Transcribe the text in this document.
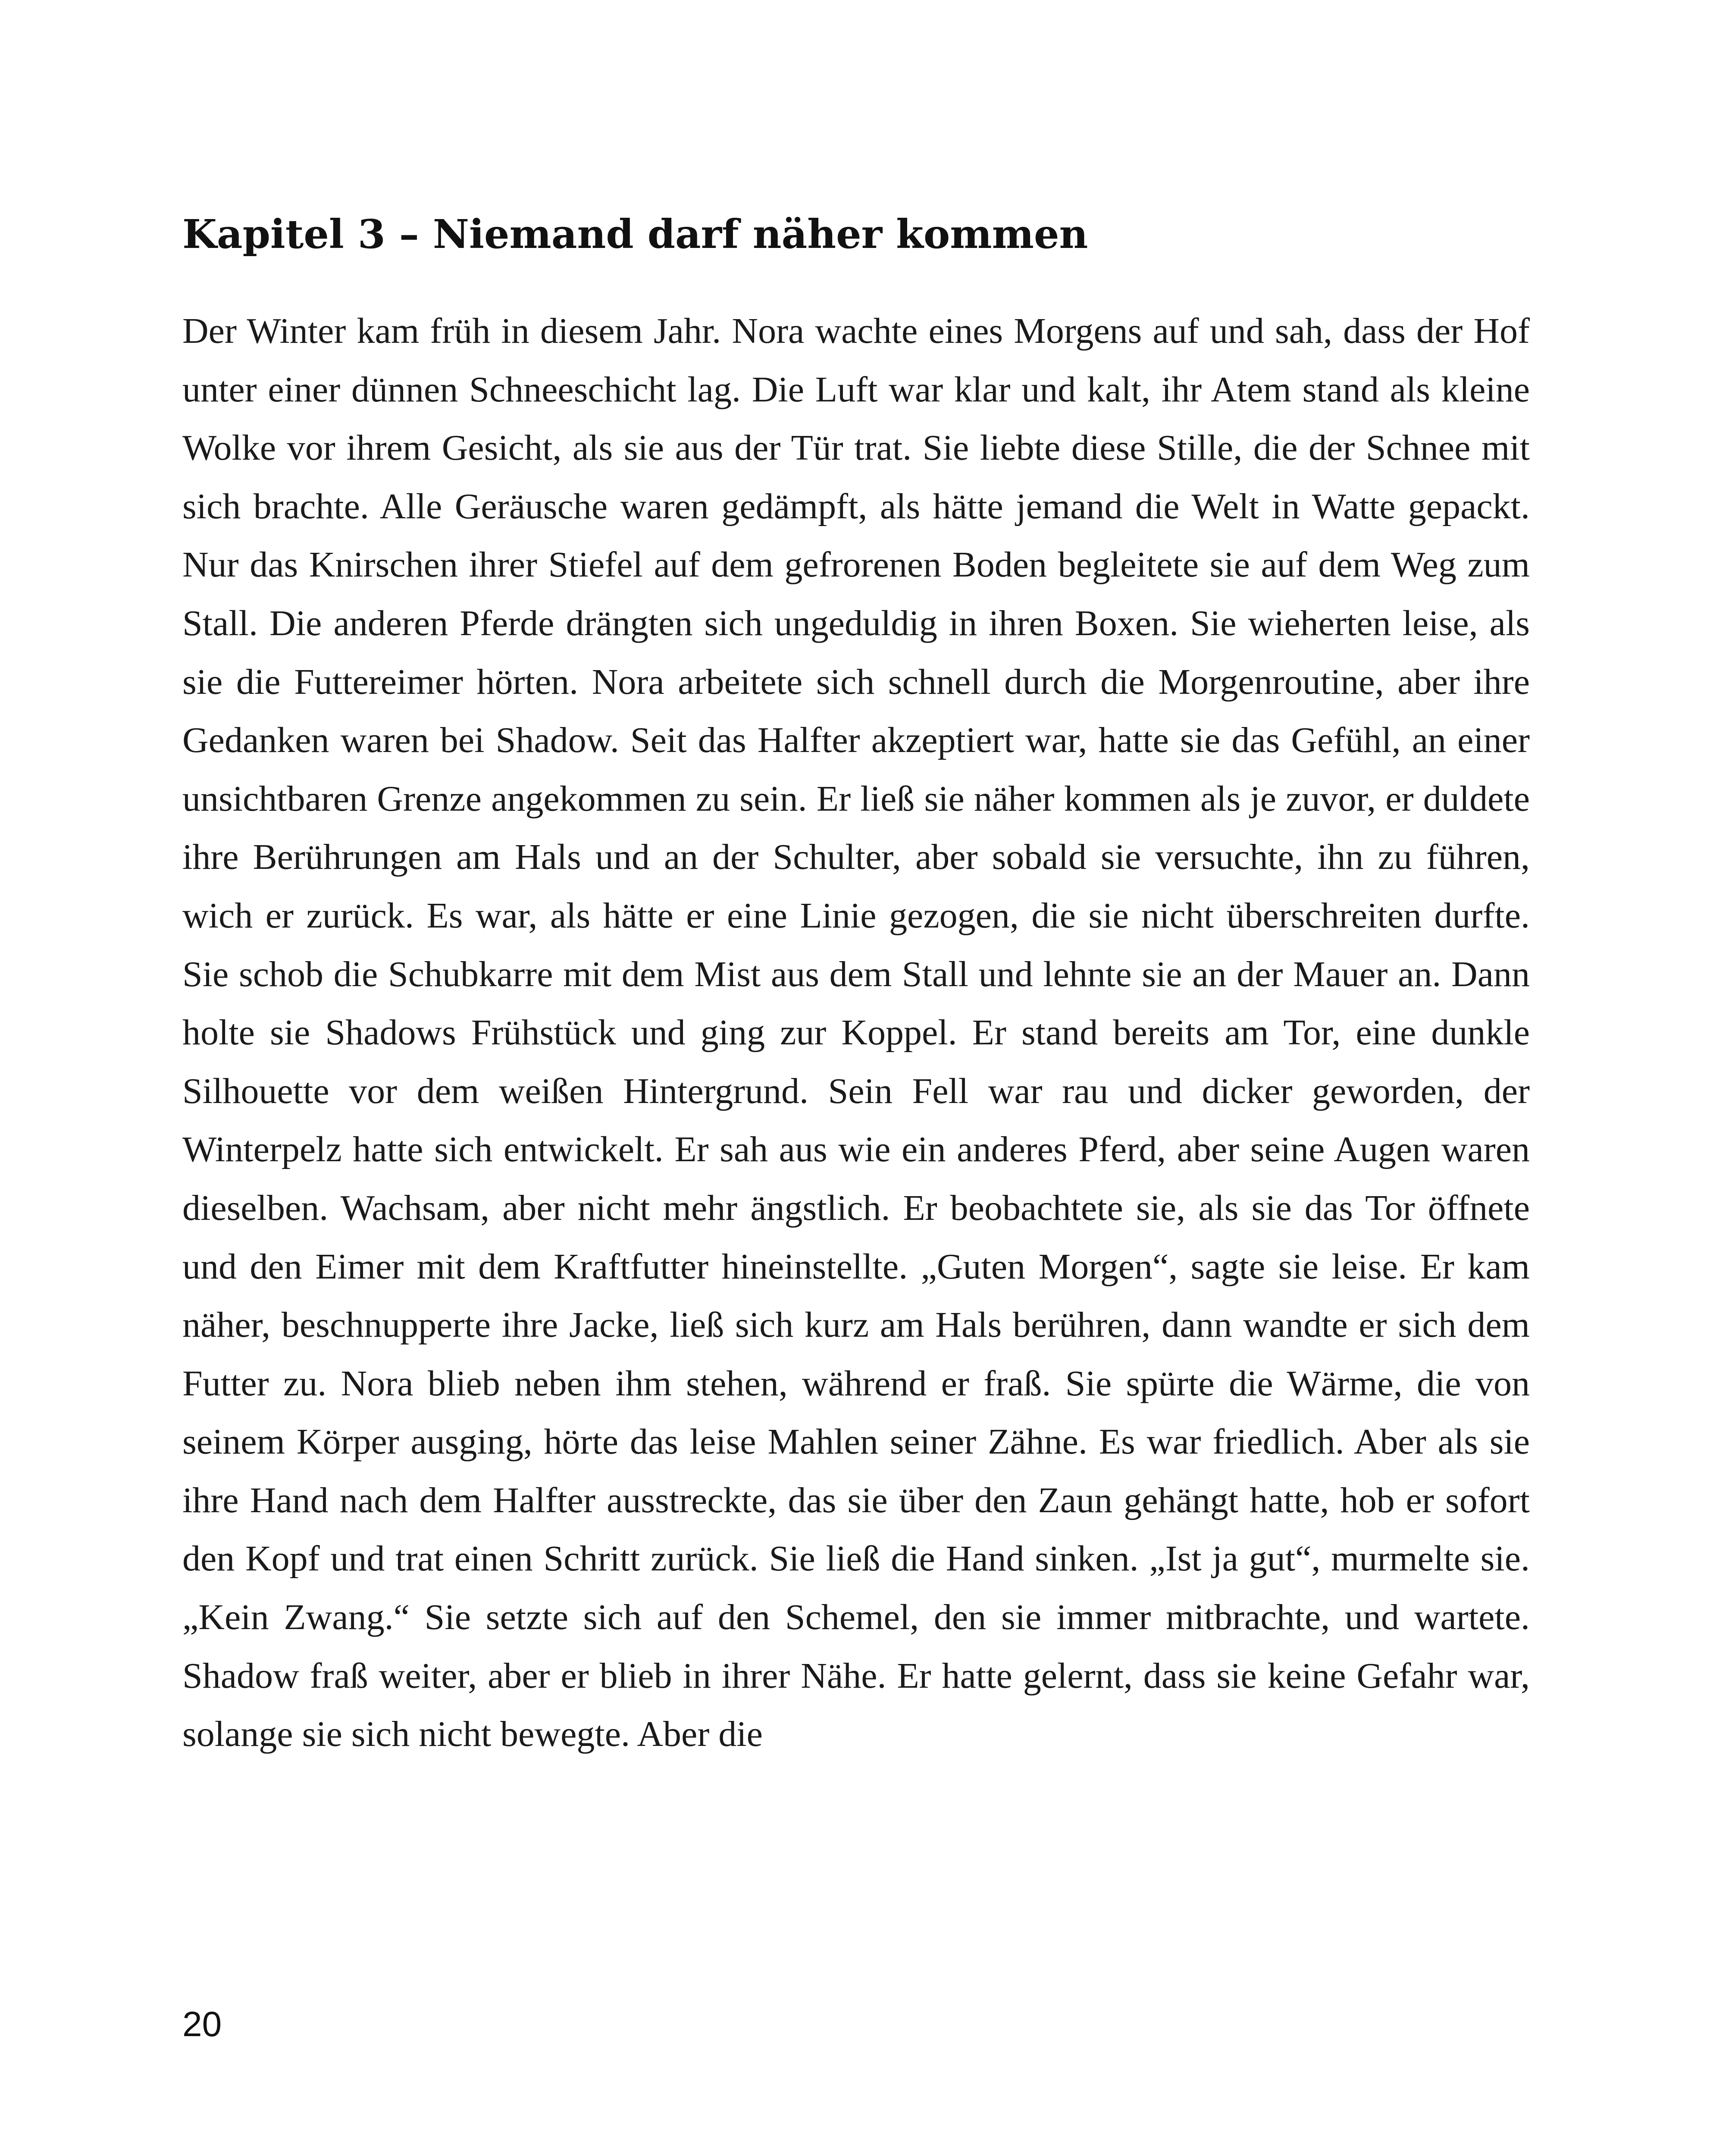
Kapitel 3 – Niemand darf näher kommen

Der Winter kam früh in diesem Jahr. Nora wachte eines Morgens auf und sah, dass der Hof unter einer dünnen Schneeschicht lag. Die Luft war klar und kalt, ihr Atem stand als kleine Wolke vor ihrem Gesicht, als sie aus der Tür trat. Sie liebte diese Stille, die der Schnee mit sich brachte. Alle Geräusche waren gedämpft, als hätte jemand die Welt in Watte gepackt. Nur das Knirschen ihrer Stiefel auf dem gefrorenen Boden begleitete sie auf dem Weg zum Stall. Die anderen Pferde drängten sich ungeduldig in ihren Boxen. Sie wieherten leise, als sie die Futtereimer hörten. Nora arbeitete sich schnell durch die Morgenroutine, aber ihre Gedanken waren bei Shadow. Seit das Halfter akzeptiert war, hatte sie das Gefühl, an einer unsichtbaren Grenze angekommen zu sein. Er ließ sie näher kommen als je zuvor, er duldete ihre Berührungen am Hals und an der Schulter, aber sobald sie versuchte, ihn zu führen, wich er zurück. Es war, als hätte er eine Linie gezogen, die sie nicht überschreiten durfte. Sie schob die Schubkarre mit dem Mist aus dem Stall und lehnte sie an der Mauer an. Dann holte sie Shadows Frühstück und ging zur Koppel. Er stand bereits am Tor, eine dunkle Silhouette vor dem weißen Hintergrund. Sein Fell war rau und dicker geworden, der Winterpelz hatte sich entwickelt. Er sah aus wie ein anderes Pferd, aber seine Augen waren dieselben. Wachsam, aber nicht mehr ängstlich. Er beobachtete sie, als sie das Tor öffnete und den Eimer mit dem Kraftfutter hineinstellte. „Guten Morgen“, sagte sie leise. Er kam näher, beschnupperte ihre Jacke, ließ sich kurz am Hals berühren, dann wandte er sich dem Futter zu. Nora blieb neben ihm stehen, während er fraß. Sie spürte die Wärme, die von seinem Körper ausging, hörte das leise Mahlen seiner Zähne. Es war friedlich. Aber als sie ihre Hand nach dem Halfter ausstreckte, das sie über den Zaun gehängt hatte, hob er sofort den Kopf und trat einen Schritt zurück. Sie ließ die Hand sinken. „Ist ja gut“, murmelte sie. „Kein Zwang.“ Sie setzte sich auf den Schemel, den sie immer mitbrachte, und wartete. Shadow fraß weiter, aber er blieb in ihrer Nähe. Er hatte gelernt, dass sie keine Gefahr war, solange sie sich nicht bewegte. Aber die

20
